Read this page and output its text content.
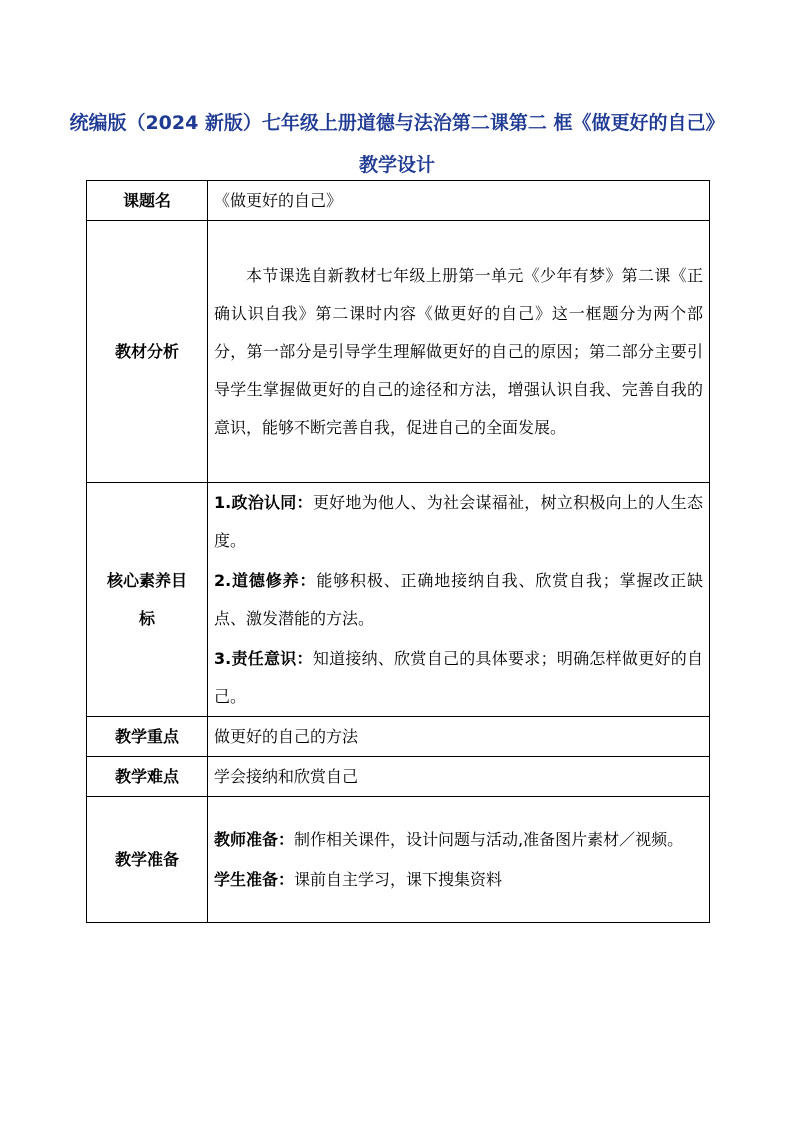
统编版（2024 新版）七年级上册道德与法治第二课第二 框《做更好的自己》教学设计
课题名	《做更好的自己》
教材分析	本节课选自新教材七年级上册第一单元《少年有梦》第二课《正确认识自我》第二课时内容《做更好的自己》这一框题分为两个部分，第一部分是引导学生理解做更好的自己的原因；第二部分主要引导学生掌握做更好的自己的途径和方法，增强认识自我、完善自我的意识，能够不断完善自我，促进自己的全面发展。

核心素养目标	1.政治认同：更好地为他人、为社会谋福祉，树立积极向上的人生态度。

2.道德修养：能够积极、正确地接纳自我、欣赏自我；掌握改正缺点、激发潜能的方法。

3.责任意识：知道接纳、欣赏自己的具体要求；明确怎样做更好的自己。

教学重点	做更好的自己的方法
教学难点	学会接纳和欣赏自己
教学准备	教师准备：制作相关课件，设计问题与活动,准备图片素材／视频。

学生准备：课前自主学习，课下搜集资料
